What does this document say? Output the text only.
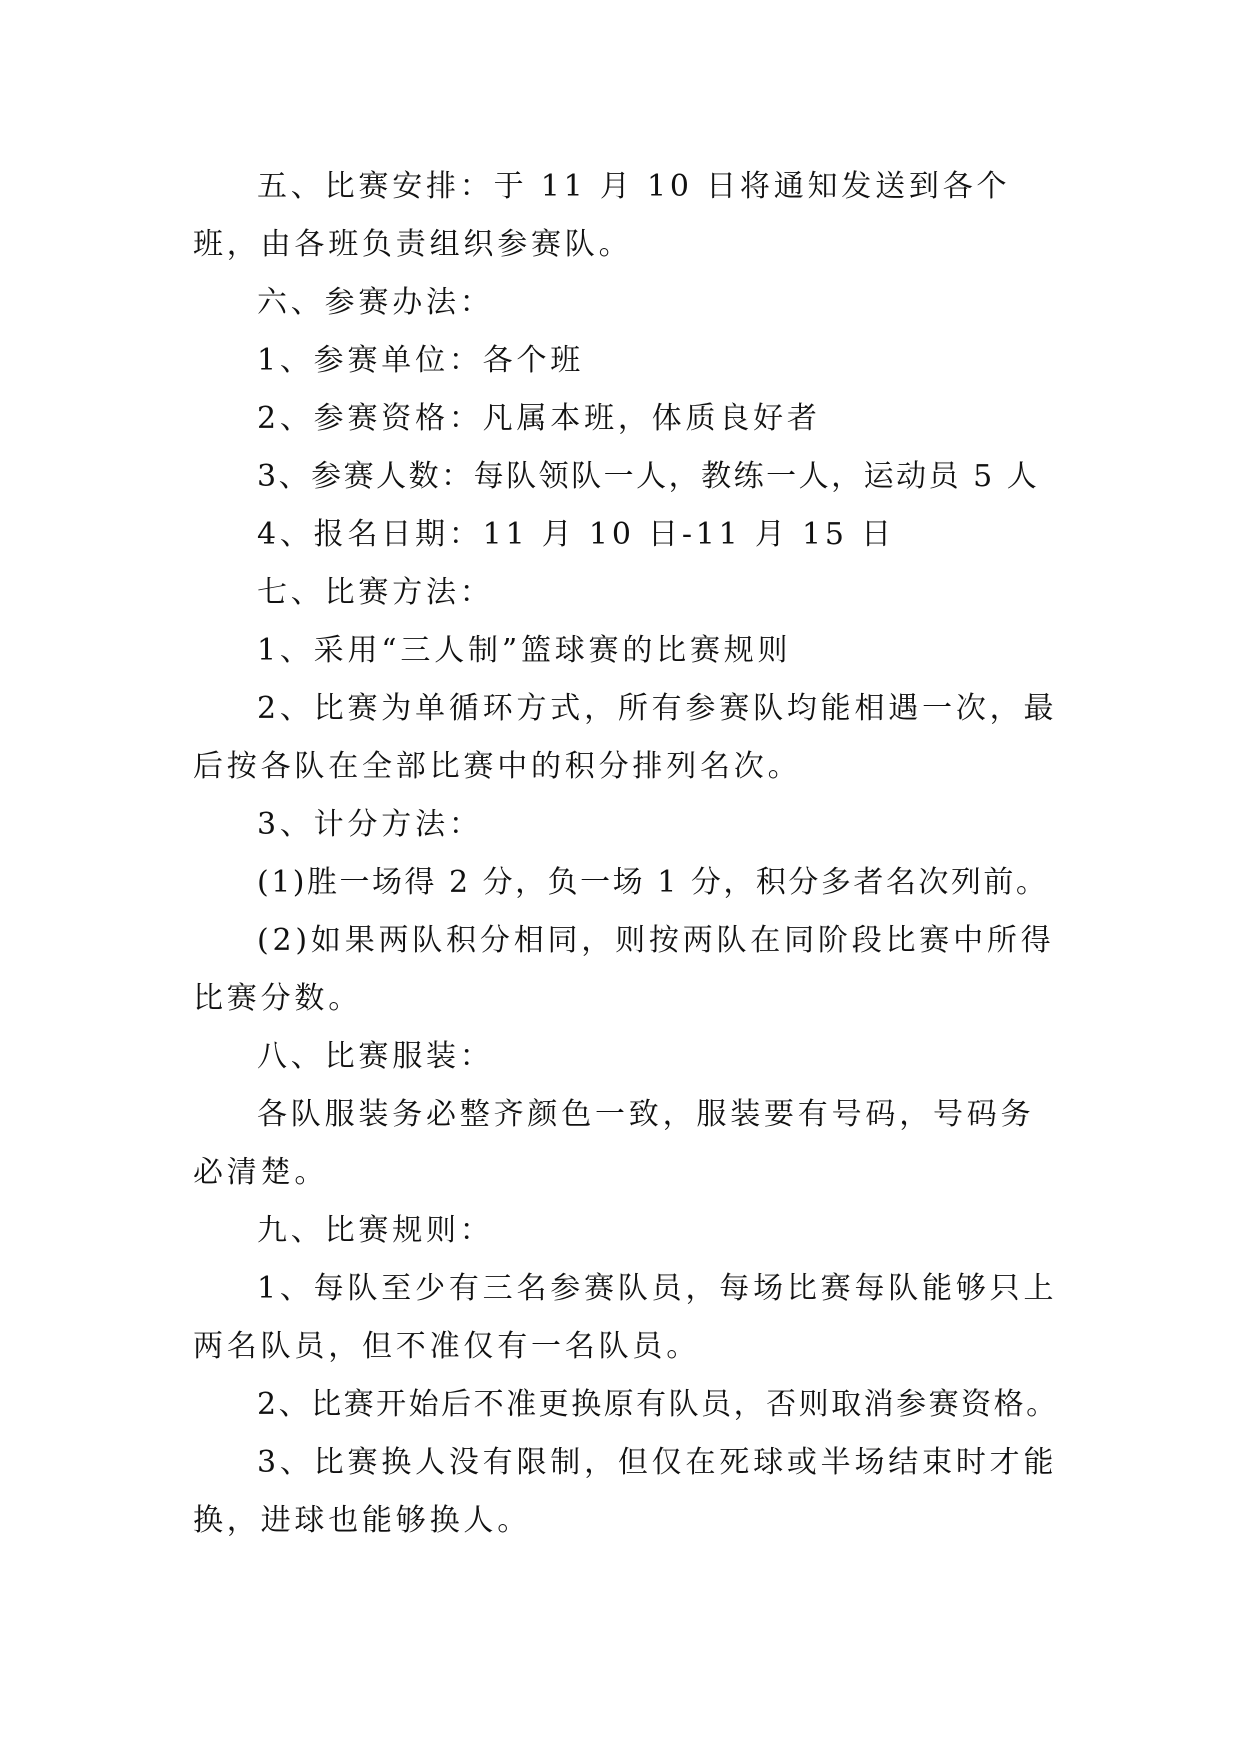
五、比赛安排：于 11 月 10 日将通知发送到各个班，由各班负责组织参赛队。

六、参赛办法：

1、参赛单位：各个班

2、参赛资格：凡属本班，体质良好者

3、参赛人数：每队领队一人，教练一人，运动员 5 人

4、报名日期：11 月 10 日-11 月 15 日

七、比赛方法：

1、采用“三人制”篮球赛的比赛规则

2、比赛为单循环方式，所有参赛队均能相遇一次，最后按各队在全部比赛中的积分排列名次。

3、计分方法：

(1)胜一场得 2 分，负一场 1 分，积分多者名次列前。

(2)如果两队积分相同，则按两队在同阶段比赛中所得比赛分数。

八、比赛服装：

各队服装务必整齐颜色一致，服装要有号码，号码务必清楚。

九、比赛规则：

1、每队至少有三名参赛队员，每场比赛每队能够只上两名队员，但不准仅有一名队员。

2、比赛开始后不准更换原有队员，否则取消参赛资格。

3、比赛换人没有限制，但仅在死球或半场结束时才能换，进球也能够换人。
